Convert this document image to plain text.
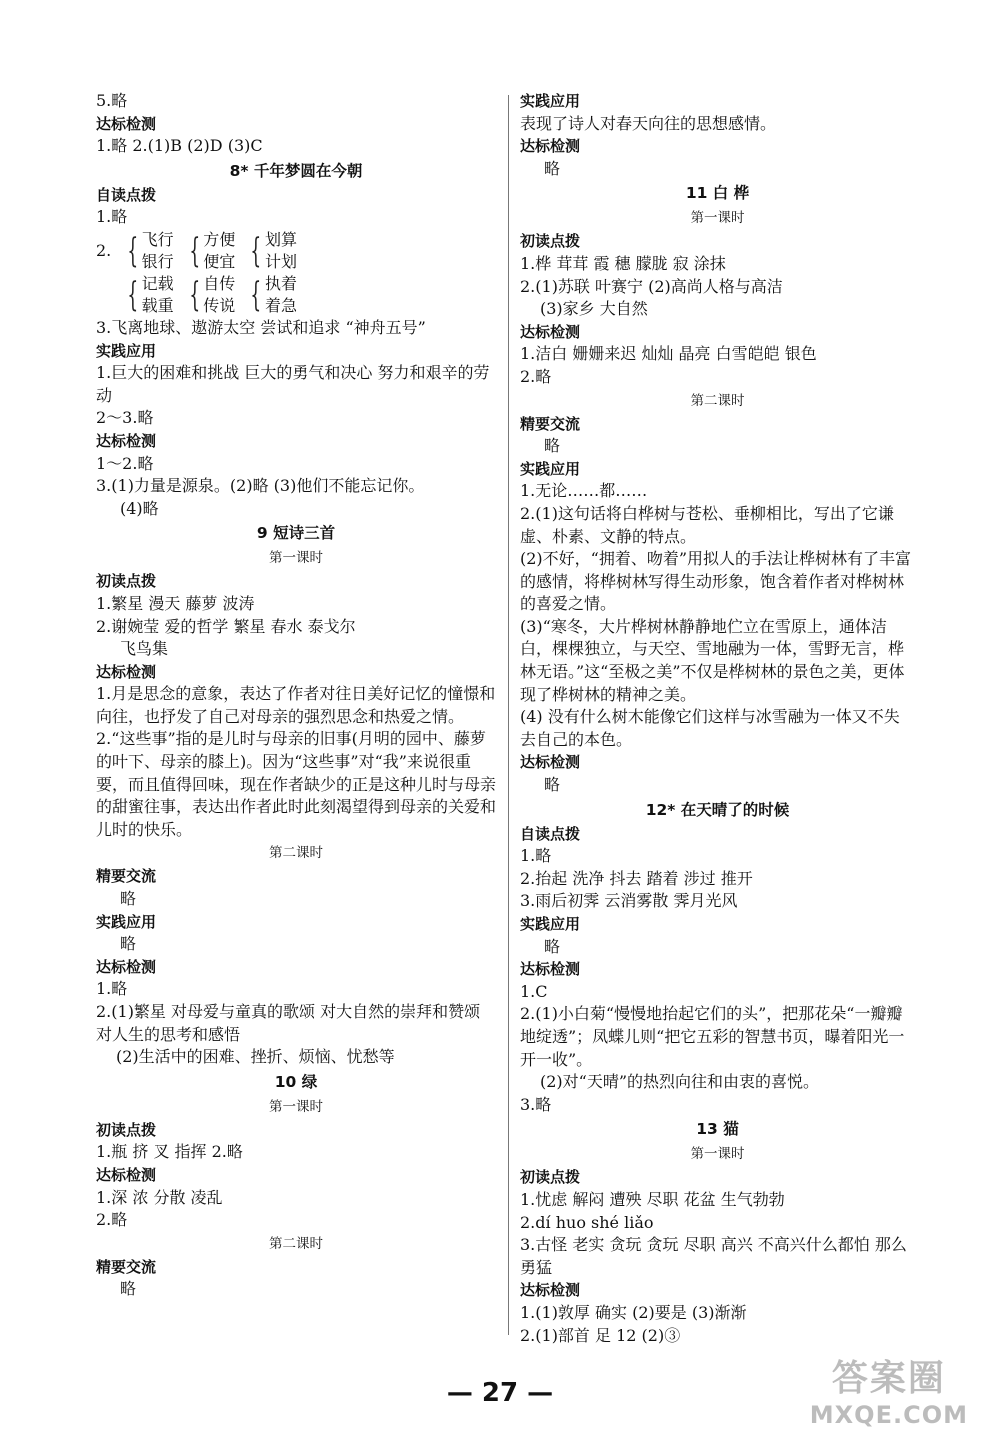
5.略
达标检测
1.略 2.(1)B (2)D (3)C
8* 千年梦圆在今朝
自读点拨
1.略
2. { 飞行
银行 { 方便
便宜 { 划算
计划
{ 记载
载重 { 自传
传说 { 执着
着急
3.飞离地球、遨游太空 尝试和追求 “神舟五号”
实践应用
1.巨大的困难和挑战 巨大的勇气和决心 努力和艰辛的劳动
2～3.略
达标检测
1～2.略
3.(1)力量是源泉。(2)略 (3)他们不能忘记你。
(4)略
9 短诗三首
第一课时
初读点拨
1.繁星 漫天 藤萝 波涛
2.谢婉莹 爱的哲学 繁星 春水 泰戈尔
飞鸟集
达标检测
1.月是思念的意象，表达了作者对往日美好记忆的憧憬和向往，也抒发了自己对母亲的强烈思念和热爱之情。
2.“这些事”指的是儿时与母亲的旧事(月明的园中、藤萝的叶下、母亲的膝上)。因为“这些事”对“我”来说很重要，而且值得回味，现在作者缺少的正是这种儿时与母亲的甜蜜往事，表达出作者此时此刻渴望得到母亲的关爱和儿时的快乐。
第二课时
精要交流
略
实践应用
略
达标检测
1.略
2.(1)繁星 对母爱与童真的歌颂 对大自然的崇拜和赞颂 对人生的思考和感悟
(2)生活中的困难、挫折、烦恼、忧愁等
10 绿
第一课时
初读点拨
1.瓶 挤 叉 指挥 2.略
达标检测
1.深 浓 分散 凌乱
2.略
第二课时
精要交流
略
实践应用
表现了诗人对春天向往的思想感情。
达标检测
略
11 白 桦
第一课时
初读点拨
1.桦 茸茸 霞 穗 朦胧 寂 涂抹
2.(1)苏联 叶赛宁 (2)高尚人格与高洁
(3)家乡 大自然
达标检测
1.洁白 姗姗来迟 灿灿 晶亮 白雪皑皑 银色
2.略
第二课时
精要交流
略
实践应用
1.无论……都……
2.(1)这句话将白桦树与苍松、垂柳相比，写出了它谦虚、朴素、文静的特点。
(2)不好，“拥着、吻着”用拟人的手法让桦树林有了丰富的感情，将桦树林写得生动形象，饱含着作者对桦树林的喜爱之情。
(3)“寒冬，大片桦树林静静地伫立在雪原上，通体洁白，棵棵独立，与天空、雪地融为一体，雪野无言，桦林无语。”这“至极之美”不仅是桦树林的景色之美，更体现了桦树林的精神之美。
(4) 没有什么树木能像它们这样与冰雪融为一体又不失去自己的本色。
达标检测
略
12* 在天晴了的时候
自读点拨
1.略
2.抬起 洗净 抖去 踏着 涉过 推开
3.雨后初霁 云消雾散 霁月光风
实践应用
略
达标检测
1.C
2.(1)小白菊“慢慢地抬起它们的头”，把那花朵“一瓣瓣地绽透”；凤蝶儿则“把它五彩的智慧书页，曝着阳光一开一收”。
(2)对“天晴”的热烈向往和由衷的喜悦。
3.略
13 猫
第一课时
初读点拨
1.忧虑 解闷 遭殃 尽职 花盆 生气勃勃
2.dí huo shé liǎo
3.古怪 老实 贪玩 贪玩 尽职 高兴 不高兴什么都怕 那么勇猛
达标检测
1.(1)敦厚 确实 (2)要是 (3)渐渐
2.(1)部首 足 12 (2)③
— 27 —	答案圈
MXQE.COM
